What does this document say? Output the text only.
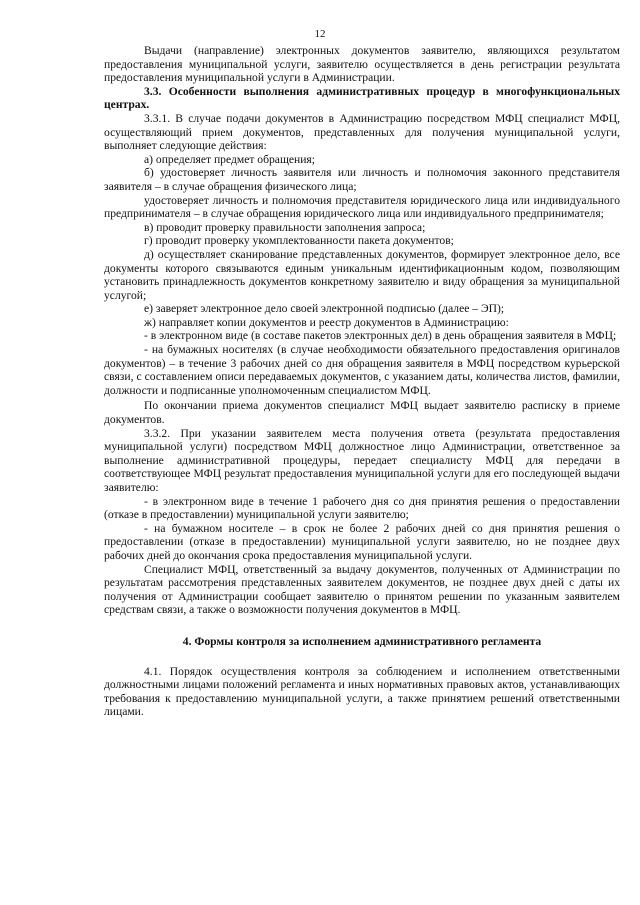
12

Выдачи (направление) электронных документов заявителю, являющихся результатом предоставления муниципальной услуги, заявителю осуществляется в день регистрации результата предоставления муниципальной услуги в Администрации.

3.3. Особенности выполнения административных процедур в многофункциональных центрах.

3.3.1. В случае подачи документов в Администрацию посредством МФЦ специалист МФЦ, осуществляющий прием документов, представленных для получения муниципальной услуги, выполняет следующие действия:

а) определяет предмет обращения;

б) удостоверяет личность заявителя или личность и полномочия законного представителя заявителя – в случае обращения физического лица;

удостоверяет личность и полномочия представителя юридического лица или индивидуального предпринимателя – в случае обращения юридического лица или индивидуального предпринимателя;

в) проводит проверку правильности заполнения запроса;

г) проводит проверку укомплектованности пакета документов;

д) осуществляет сканирование представленных документов, формирует электронное дело, все документы которого связываются единым уникальным идентификационным кодом, позволяющим установить принадлежность документов конкретному заявителю и виду обращения за муниципальной услугой;

е) заверяет электронное дело своей электронной подписью (далее – ЭП);

ж) направляет копии документов и реестр документов в Администрацию:

- в электронном виде (в составе пакетов электронных дел) в день обращения заявителя в МФЦ;

- на бумажных носителях (в случае необходимости обязательного предоставления оригиналов документов) – в течение 3 рабочих дней со дня обращения заявителя в МФЦ посредством курьерской связи, с составлением описи передаваемых документов, с указанием даты, количества листов, фамилии, должности и подписанные уполномоченным специалистом МФЦ.

По окончании приема документов специалист МФЦ выдает заявителю расписку в приеме документов.

3.3.2. При указании заявителем места получения ответа (результата предоставления муниципальной услуги) посредством МФЦ должностное лицо Администрации, ответственное за выполнение административной процедуры, передает специалисту МФЦ для передачи в соответствующее МФЦ результат предоставления муниципальной услуги для его последующей выдачи заявителю:

- в электронном виде в течение 1 рабочего дня со дня принятия решения о предоставлении (отказе в предоставлении) муниципальной услуги заявителю;

- на бумажном носителе – в срок не более 2 рабочих дней со дня принятия решения о предоставлении (отказе в предоставлении) муниципальной услуги заявителю, но не позднее двух рабочих дней до окончания срока предоставления муниципальной услуги.

Специалист МФЦ, ответственный за выдачу документов, полученных от Администрации по результатам рассмотрения представленных заявителем документов, не позднее двух дней с даты их получения от Администрации сообщает заявителю о принятом решении по указанным заявителем средствам связи, а также о возможности получения документов в МФЦ.

4. Формы контроля за исполнением административного регламента

4.1. Порядок осуществления контроля за соблюдением и исполнением ответственными должностными лицами положений регламента и иных нормативных правовых актов, устанавливающих требования к предоставлению муниципальной услуги, а также принятием решений ответственными лицами.
